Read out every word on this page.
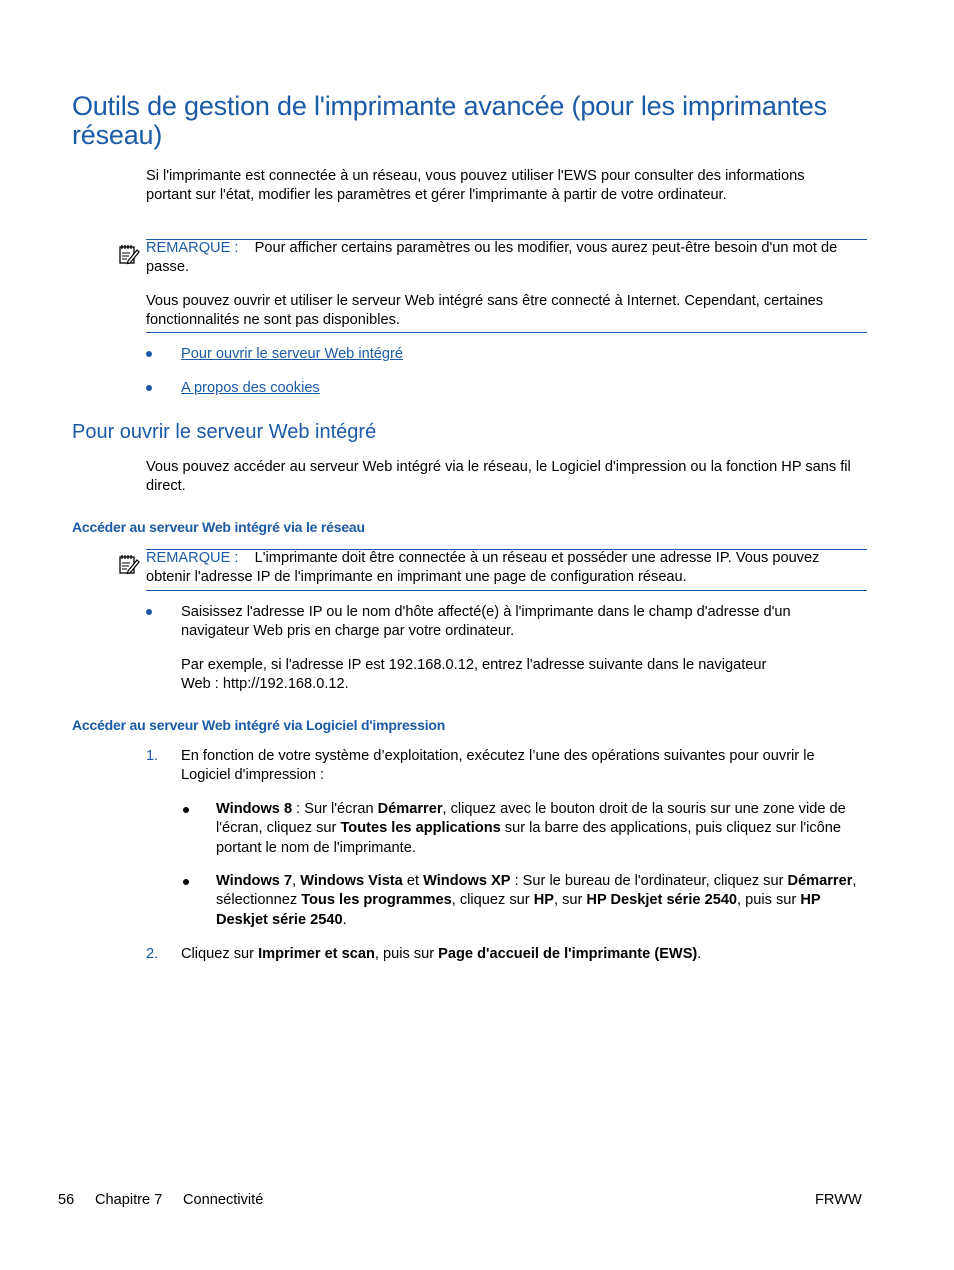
Outils de gestion de l'imprimante avancée (pour les imprimantes réseau)
Si l'imprimante est connectée à un réseau, vous pouvez utiliser l'EWS pour consulter des informations portant sur l'état, modifier les paramètres et gérer l'imprimante à partir de votre ordinateur.
REMARQUE : Pour afficher certains paramètres ou les modifier, vous aurez peut-être besoin d'un mot de passe.
Vous pouvez ouvrir et utiliser le serveur Web intégré sans être connecté à Internet. Cependant, certaines fonctionnalités ne sont pas disponibles.
Pour ouvrir le serveur Web intégré
A propos des cookies
Pour ouvrir le serveur Web intégré
Vous pouvez accéder au serveur Web intégré via le réseau, le Logiciel d'impression ou la fonction HP sans fil direct.
Accéder au serveur Web intégré via le réseau
REMARQUE : L'imprimante doit être connectée à un réseau et posséder une adresse IP. Vous pouvez obtenir l'adresse IP de l'imprimante en imprimant une page de configuration réseau.
Saisissez l'adresse IP ou le nom d'hôte affecté(e) à l'imprimante dans le champ d'adresse d'un navigateur Web pris en charge par votre ordinateur.
Par exemple, si l'adresse IP est 192.168.0.12, entrez l'adresse suivante dans le navigateur Web : http://192.168.0.12.
Accéder au serveur Web intégré via Logiciel d'impression
1. En fonction de votre système d’exploitation, exécutez l’une des opérations suivantes pour ouvrir le Logiciel d'impression :
Windows 8 : Sur l'écran Démarrer, cliquez avec le bouton droit de la souris sur une zone vide de l'écran, cliquez sur Toutes les applications sur la barre des applications, puis cliquez sur l'icône portant le nom de l'imprimante.
Windows 7, Windows Vista et Windows XP : Sur le bureau de l'ordinateur, cliquez sur Démarrer, sélectionnez Tous les programmes, cliquez sur HP, sur HP Deskjet série 2540, puis sur HP Deskjet série 2540.
2. Cliquez sur Imprimer et scan, puis sur Page d'accueil de l'imprimante (EWS).
56 Chapitre 7 Connectivité	FRWW
